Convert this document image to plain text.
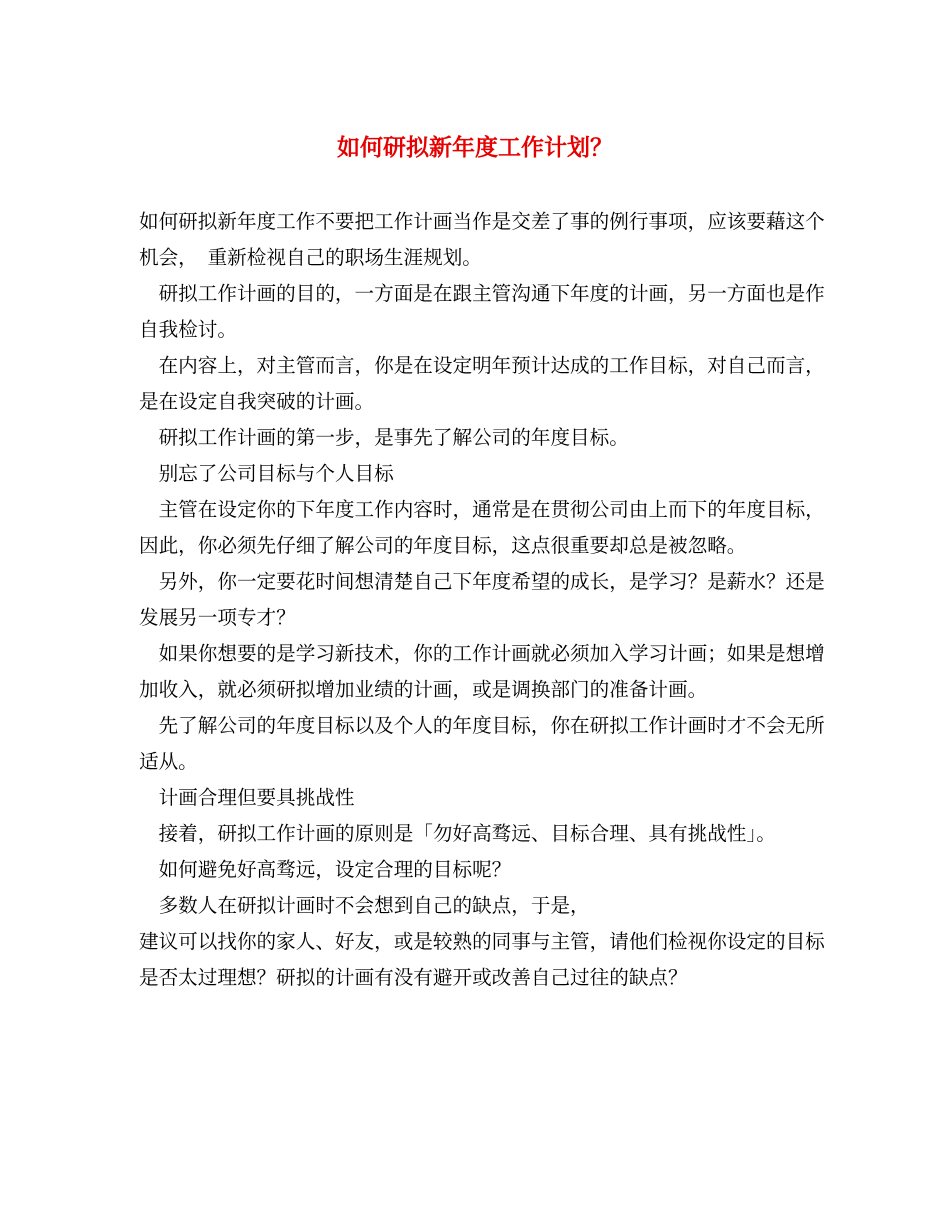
如何研拟新年度工作计划？

如何研拟新年度工作不要把工作计画当作是交差了事的例行事项，应该要藉这个机会，　重新检视自己的职场生涯规划。

　研拟工作计画的目的，一方面是在跟主管沟通下年度的计画，另一方面也是作自我检讨。

　在内容上，对主管而言，你是在设定明年预计达成的工作目标，对自己而言，是在设定自我突破的计画。

　研拟工作计画的第一步，是事先了解公司的年度目标。

　别忘了公司目标与个人目标

　主管在设定你的下年度工作内容时，通常是在贯彻公司由上而下的年度目标，因此，你必须先仔细了解公司的年度目标，这点很重要却总是被忽略。

　另外，你一定要花时间想清楚自己下年度希望的成长，是学习？是薪水？还是发展另一项专才？

　如果你想要的是学习新技术，你的工作计画就必须加入学习计画；如果是想增加收入，就必须研拟增加业绩的计画，或是调换部门的准备计画。

　先了解公司的年度目标以及个人的年度目标，你在研拟工作计画时才不会无所适从。

　计画合理但要具挑战性

　接着，研拟工作计画的原则是「勿好高骛远、目标合理、具有挑战性」。

　如何避免好高骛远，设定合理的目标呢？

　多数人在研拟计画时不会想到自己的缺点，于是，

建议可以找你的家人、好友，或是较熟的同事与主管，请他们检视你设定的目标是否太过理想？研拟的计画有没有避开或改善自己过往的缺点？
